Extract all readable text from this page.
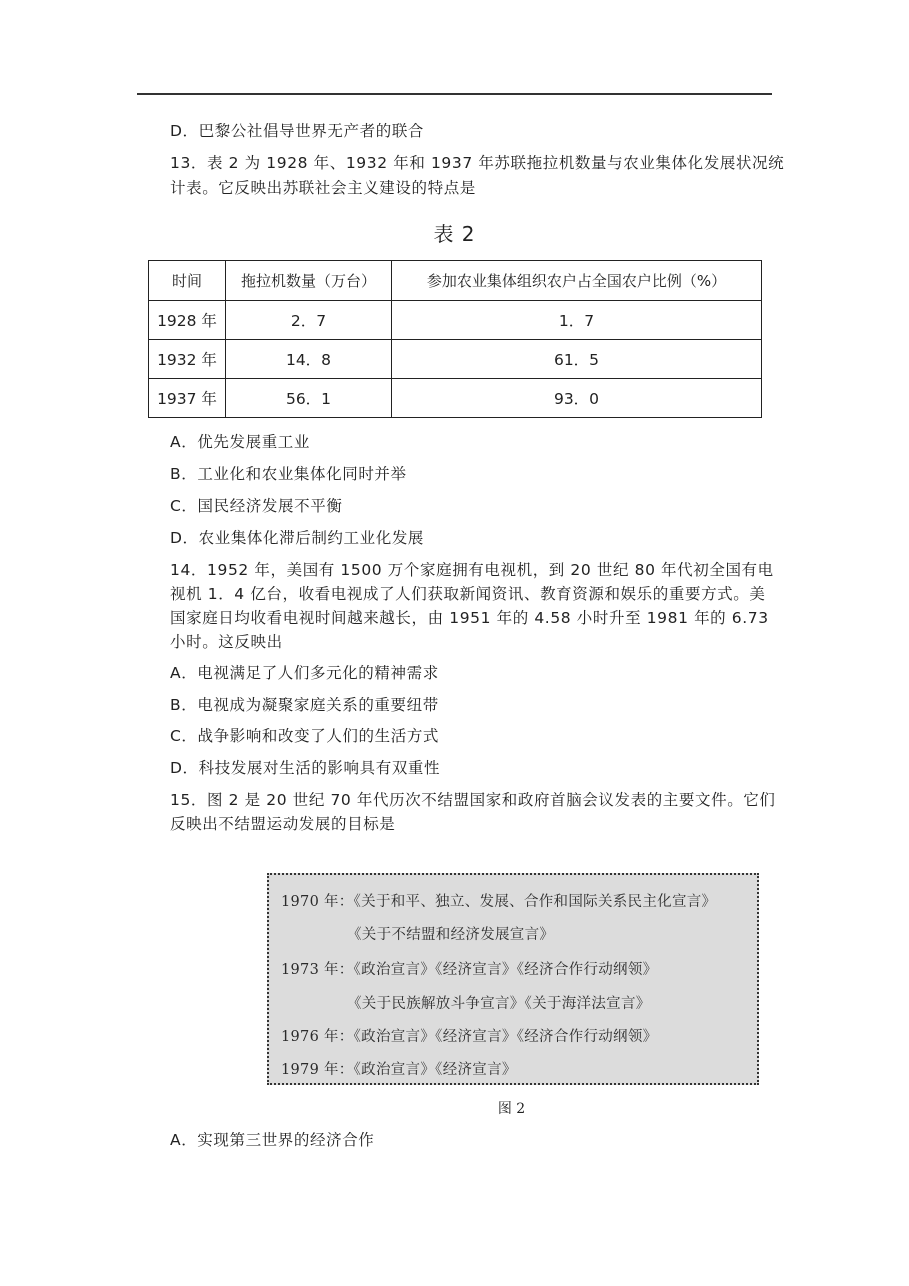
D．巴黎公社倡导世界无产者的联合
13．表 2 为 1928 年、1932 年和 1937 年苏联拖拉机数量与农业集体化发展状况统
计表。它反映出苏联社会主义建设的特点是
表 2
时间	拖拉机数量（万台）	参加农业集体组织农户占全国农户比例（%）
1928 年	2．7	1．7
1932 年	14．8	61．5
1937 年	56．1	93．0
A．优先发展重工业
B．工业化和农业集体化同时并举
C．国民经济发展不平衡
D．农业集体化滞后制约工业化发展
14．1952 年，美国有 1500 万个家庭拥有电视机，到 20 世纪 80 年代初全国有电
视机 1．4 亿台，收看电视成了人们获取新闻资讯、教育资源和娱乐的重要方式。美
国家庭日均收看电视时间越来越长，由 1951 年的 4.58 小时升至 1981 年的 6.73
小时。这反映出
A．电视满足了人们多元化的精神需求
B．电视成为凝聚家庭关系的重要纽带
C．战争影响和改变了人们的生活方式
D．科技发展对生活的影响具有双重性
15．图 2 是 20 世纪 70 年代历次不结盟国家和政府首脑会议发表的主要文件。它们
反映出不结盟运动发展的目标是
1970 年：《关于和平、独立、发展、合作和国际关系民主化宣言》
《关于不结盟和经济发展宣言》
1973 年：《政治宣言》《经济宣言》《经济合作行动纲领》
《关于民族解放斗争宣言》《关于海洋法宣言》
1976 年：《政治宣言》《经济宣言》《经济合作行动纲领》
1979 年：《政治宣言》《经济宣言》
图 2
A．实现第三世界的经济合作
